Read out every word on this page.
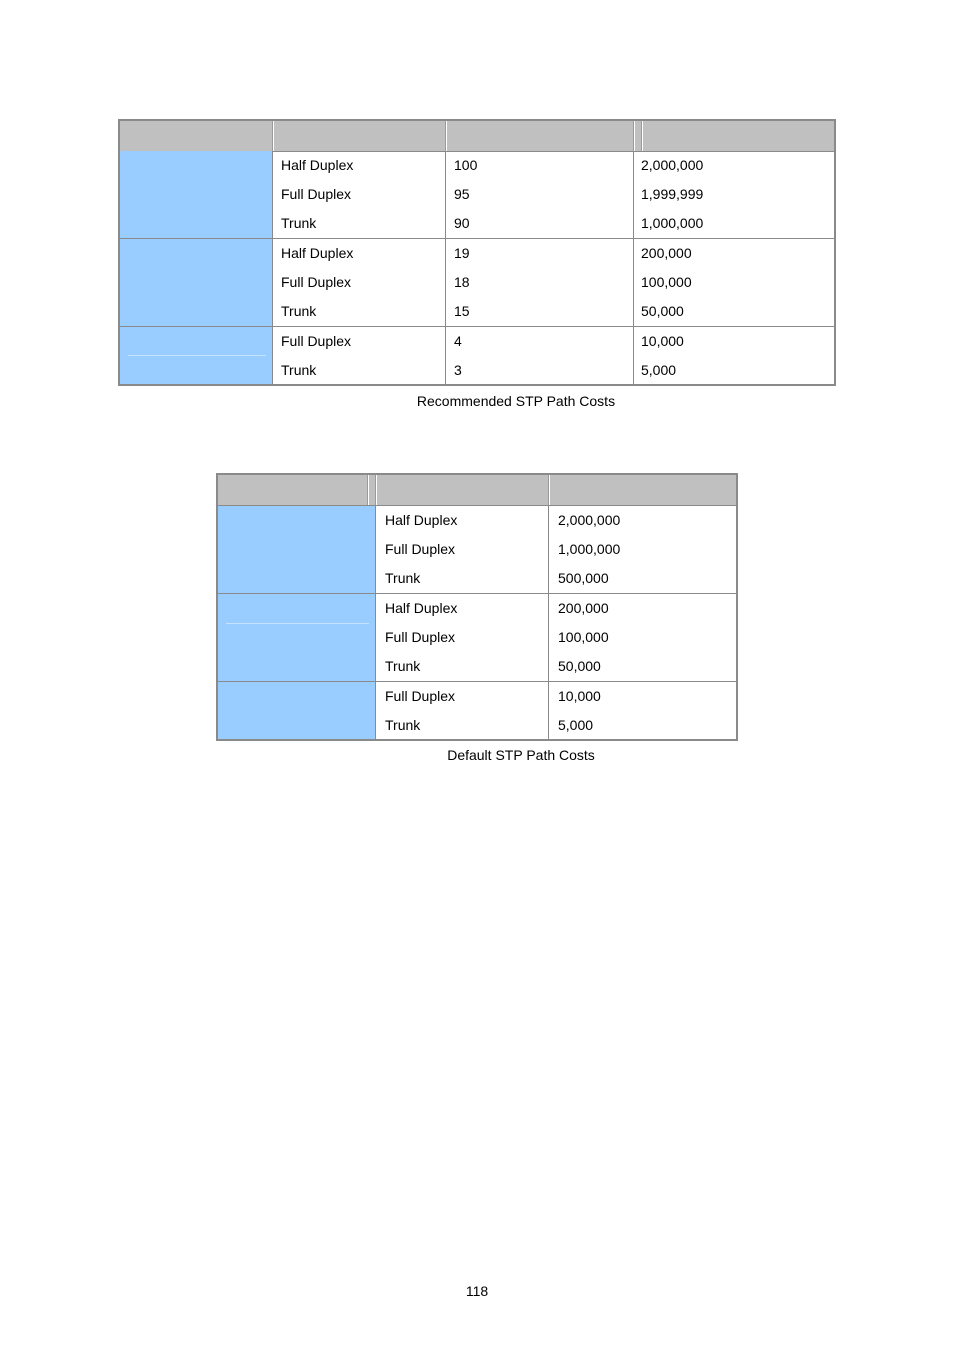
Half Duplex	100	2,000,000
Full Duplex	95	1,999,999
Trunk	90	1,000,000
Half Duplex	19	200,000
Full Duplex	18	100,000
Trunk	15	50,000
Full Duplex	4	10,000
Trunk	3	5,000
Recommended STP Path Costs
Half Duplex	2,000,000
Full Duplex	1,000,000
Trunk	500,000
Half Duplex	200,000
Full Duplex	100,000
Trunk	50,000
Full Duplex	10,000
Trunk	5,000
Default STP Path Costs
118
